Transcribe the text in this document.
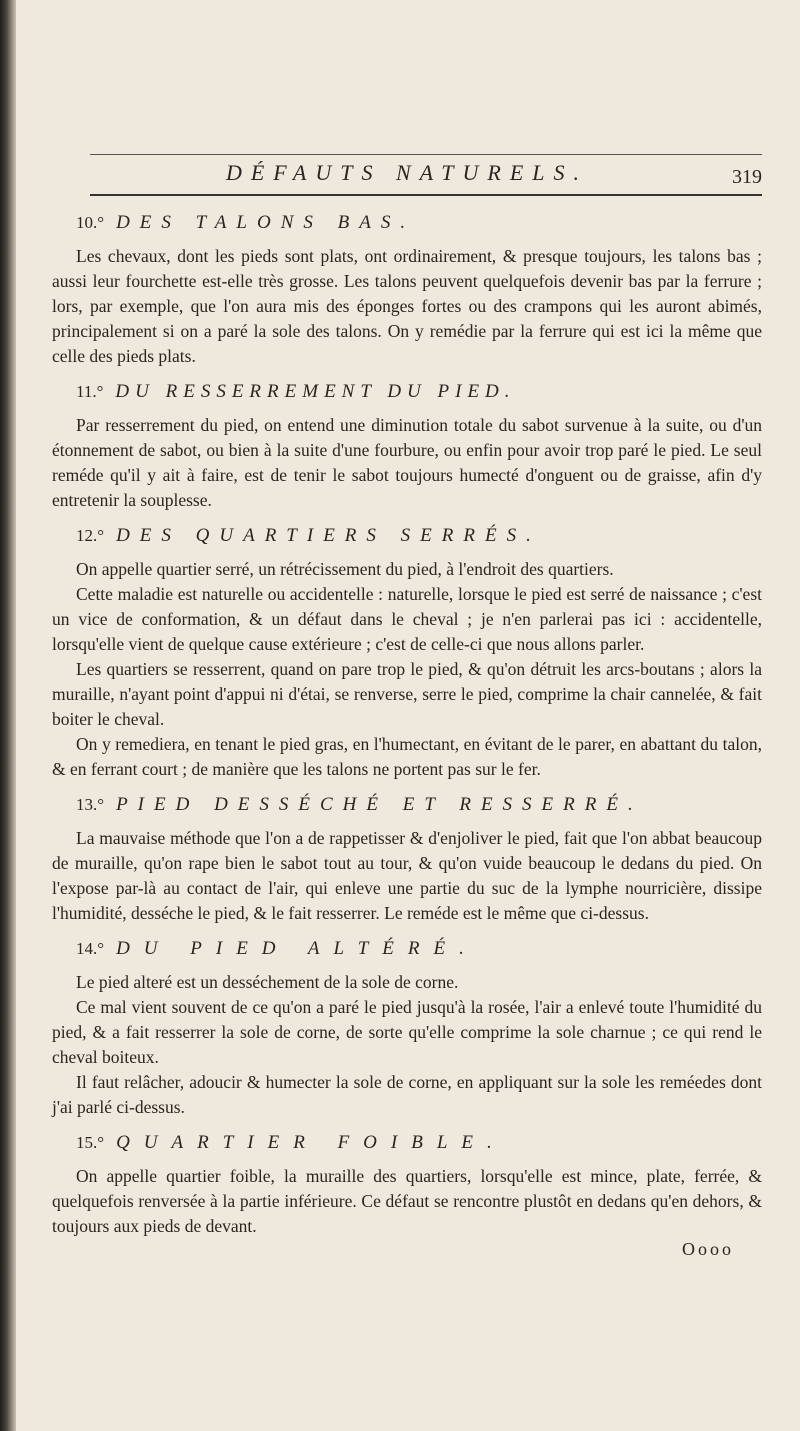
DÉFAUTS NATURELS.	319
10.° DES TALONS BAS.

Les chevaux, dont les pieds sont plats, ont ordinairement, & presque toujours, les talons bas ; aussi leur fourchette est-elle très grosse. Les talons peuvent quelquefois devenir bas par la ferrure ; lors, par exemple, que l'on aura mis des éponges fortes ou des crampons qui les auront abimés, principalement si on a paré la sole des talons. On y remédie par la ferrure qui est ici la même que celle des pieds plats.

11.° DU RESSERREMENT DU PIED.

Par resserrement du pied, on entend une diminution totale du sabot survenue à la suite, ou d'un étonnement de sabot, ou bien à la suite d'une fourbure, ou enfin pour avoir trop paré le pied. Le seul reméde qu'il y ait à faire, est de tenir le sabot toujours humecté d'onguent ou de graisse, afin d'y entretenir la souplesse.

12.° DES QUARTIERS SERRÉS.

On appelle quartier serré, un rétrécissement du pied, à l'endroit des quartiers.

Cette maladie est naturelle ou accidentelle : naturelle, lorsque le pied est serré de naissance ; c'est un vice de conformation, & un défaut dans le cheval ; je n'en parlerai pas ici : accidentelle, lorsqu'elle vient de quelque cause extérieure ; c'est de celle-ci que nous allons parler.

Les quartiers se resserrent, quand on pare trop le pied, & qu'on détruit les arcs-boutans ; alors la muraille, n'ayant point d'appui ni d'étai, se renverse, serre le pied, comprime la chair cannelée, & fait boiter le cheval.

On y remediera, en tenant le pied gras, en l'humectant, en évitant de le parer, en abattant du talon, & en ferrant court ; de manière que les talons ne portent pas sur le fer.

13.° PIED DESSÉCHÉ ET RESSERRÉ.

La mauvaise méthode que l'on a de rappetisser & d'enjoliver le pied, fait que l'on abbat beaucoup de muraille, qu'on rape bien le sabot tout au tour, & qu'on vuide beaucoup le dedans du pied. On l'expose par-là au contact de l'air, qui enleve une partie du suc de la lymphe nourricière, dissipe l'humidité, desséche le pied, & le fait resserrer. Le reméde est le même que ci-dessus.

14.° DU PIED ALTÉRÉ.

Le pied alteré est un desséchement de la sole de corne.

Ce mal vient souvent de ce qu'on a paré le pied jusqu'à la rosée, l'air a enlevé toute l'humidité du pied, & a fait resserrer la sole de corne, de sorte qu'elle comprime la sole charnue ; ce qui rend le cheval boiteux.

Il faut relâcher, adoucir & humecter la sole de corne, en appliquant sur la sole les reméedes dont j'ai parlé ci-dessus.

15.° QUARTIER FOIBLE.

On appelle quartier foible, la muraille des quartiers, lorsqu'elle est mince, plate, ferrée, & quelquefois renversée à la partie inférieure. Ce défaut se rencontre plustôt en dedans qu'en dehors, & toujours aux pieds de devant.

Oooo
